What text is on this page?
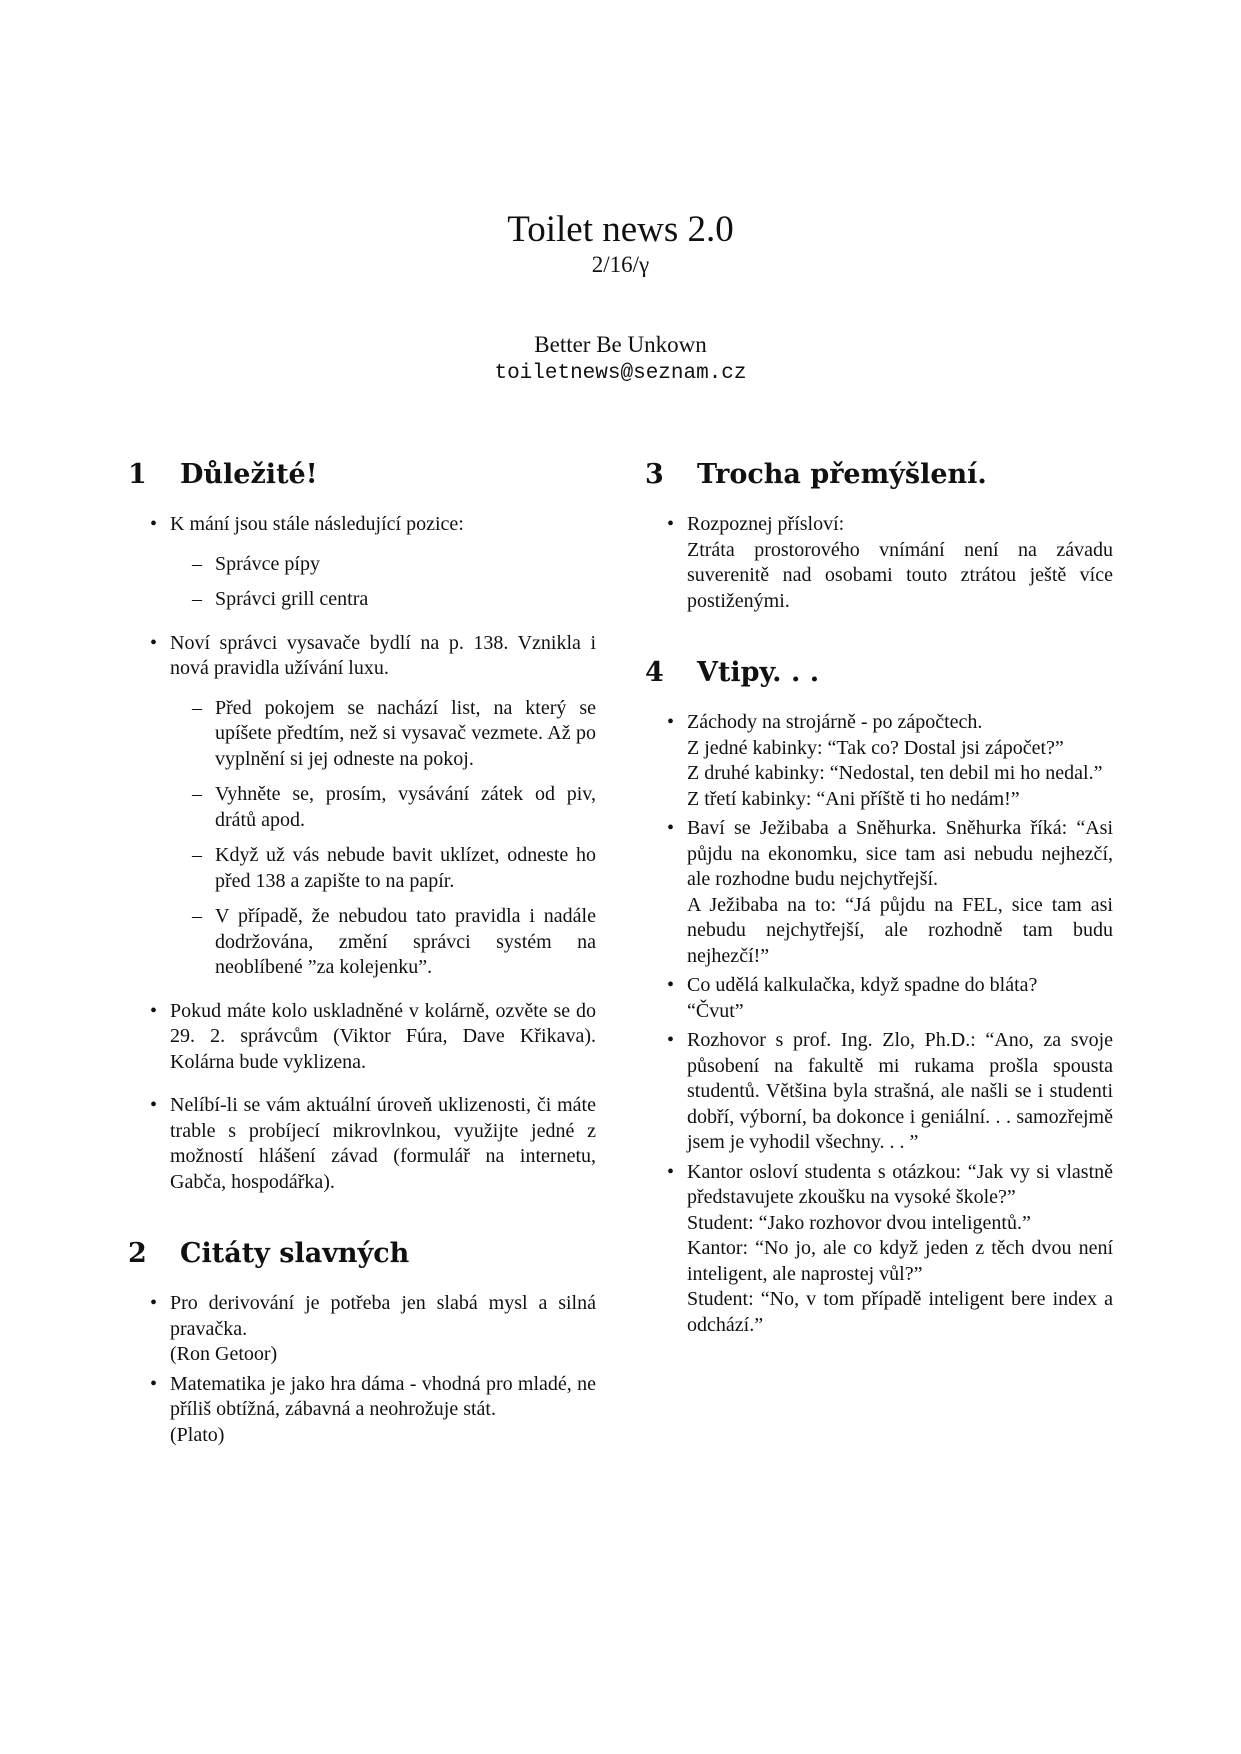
Toilet news 2.0
2/16/γ
Better Be Unkown
toiletnews@seznam.cz
1	Důležité!
• K mání jsou stále následující pozice:
– Správce pípy
– Správci grill centra
• Noví správci vysavače bydlí na p. 138. Vznikla i nová pravidla užívání luxu.
– Před pokojem se nachází list, na který se upíšete předtím, než si vysavač vezmete. Až po vyplnění si jej odneste na pokoj.
– Vyhněte se, prosím, vysávání zátek od piv, drátů apod.
– Když už vás nebude bavit uklízet, odneste ho před 138 a zapište to na papír.
– V případě, že nebudou tato pravidla i nadále dodržována, změní správci systém na neoblíbené ”za kolejenku”.
• Pokud máte kolo uskladněné v kolárně, ozvěte se do 29. 2. správcům (Viktor Fúra, Dave Křikava). Kolárna bude vyklizena.
• Nelíbí-li se vám aktuální úroveň uklizenosti, či máte trable s probíjecí mikrovlnkou, využijte jedné z možností hlášení závad (formulář na internetu, Gabča, hospodářka).
2	Citáty slavných
• Pro derivování je potřeba jen slabá mysl a silná pravačka.
(Ron Getoor)
• Matematika je jako hra dáma - vhodná pro mladé, ne příliš obtížná, zábavná a neohrožuje stát.
(Plato)
3	Trocha přemýšlení.
• Rozpoznej přísloví:
Ztráta prostorového vnímání není na závadu suverenitě nad osobami touto ztrátou ještě více postiženými.
4	Vtipy. . .
• Záchody na strojárně - po zápočtech.
Z jedné kabinky: “Tak co? Dostal jsi zápočet?”
Z druhé kabinky: “Nedostal, ten debil mi ho nedal.”
Z třetí kabinky: “Ani příště ti ho nedám!”
• Baví se Ježibaba a Sněhurka. Sněhurka říká: “Asi půjdu na ekonomku, sice tam asi nebudu nejhezčí, ale rozhodne budu nejchytřejší.
A Ježibaba na to: “Já půjdu na FEL, sice tam asi nebudu nejchytřejší, ale rozhodně tam budu nejhezčí!”
• Co udělá kalkulačka, když spadne do bláta?
“Čvut”
• Rozhovor s prof. Ing. Zlo, Ph.D.: “Ano, za svoje působení na fakultě mi rukama prošla spousta studentů. Většina byla strašná, ale našli se i studenti dobří, výborní, ba dokonce i geniální. . . samozřejmě jsem je vyhodil všechny. . . ”
• Kantor osloví studenta s otázkou: “Jak vy si vlastně představujete zkoušku na vysoké škole?”
Student: “Jako rozhovor dvou inteligentů.”
Kantor: “No jo, ale co když jeden z těch dvou není inteligent, ale naprostej vůl?”
Student: “No, v tom případě inteligent bere index a odchází.”
